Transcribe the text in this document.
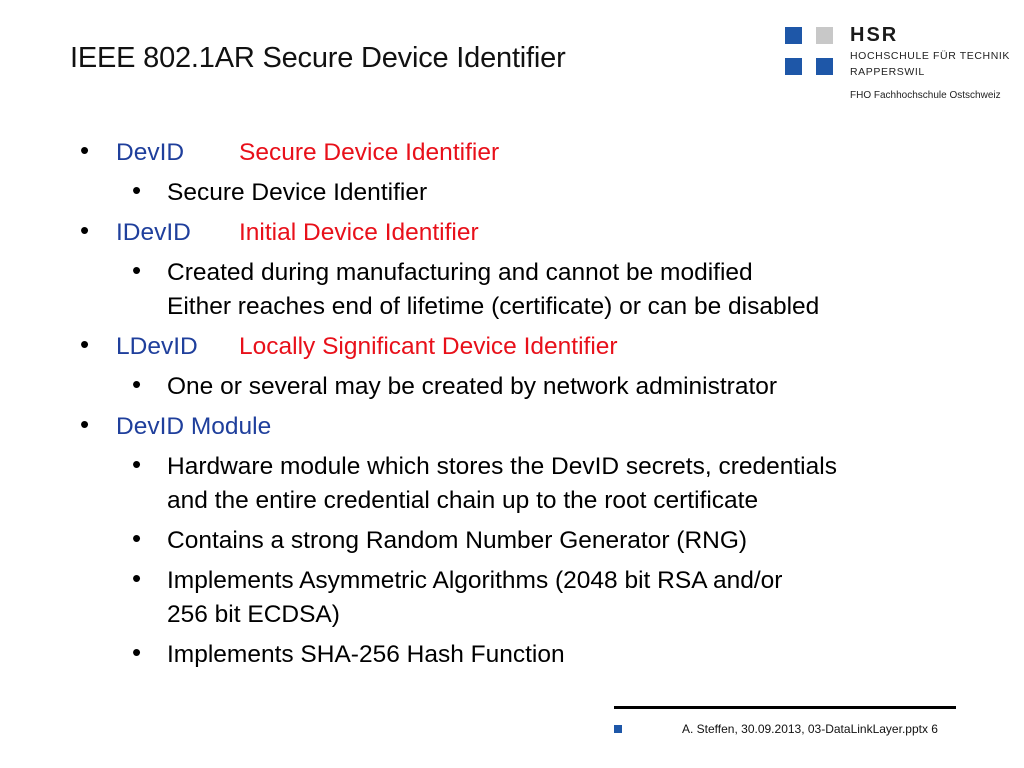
IEEE 802.1AR Secure Device Identifier
HSR
HOCHSCHULE FÜR TECHNIK
RAPPERSWIL
FHO Fachhochschule Ostschweiz
• DevID Secure Device Identifier
• Secure Device Identifier
• IDevID Initial Device Identifier
• Created during manufacturing and cannot be modified
Either reaches end of lifetime (certificate) or can be disabled
• LDevID Locally Significant Device Identifier
• One or several may be created by network administrator
• DevID Module
• Hardware module which stores the DevID secrets, credentials
and the entire credential chain up to the root certificate
• Contains a strong Random Number Generator (RNG)
• Implements Asymmetric Algorithms (2048 bit RSA and/or
256 bit ECDSA)
• Implements SHA-256 Hash Function
A. Steffen, 30.09.2013, 03-DataLinkLayer.pptx 6
